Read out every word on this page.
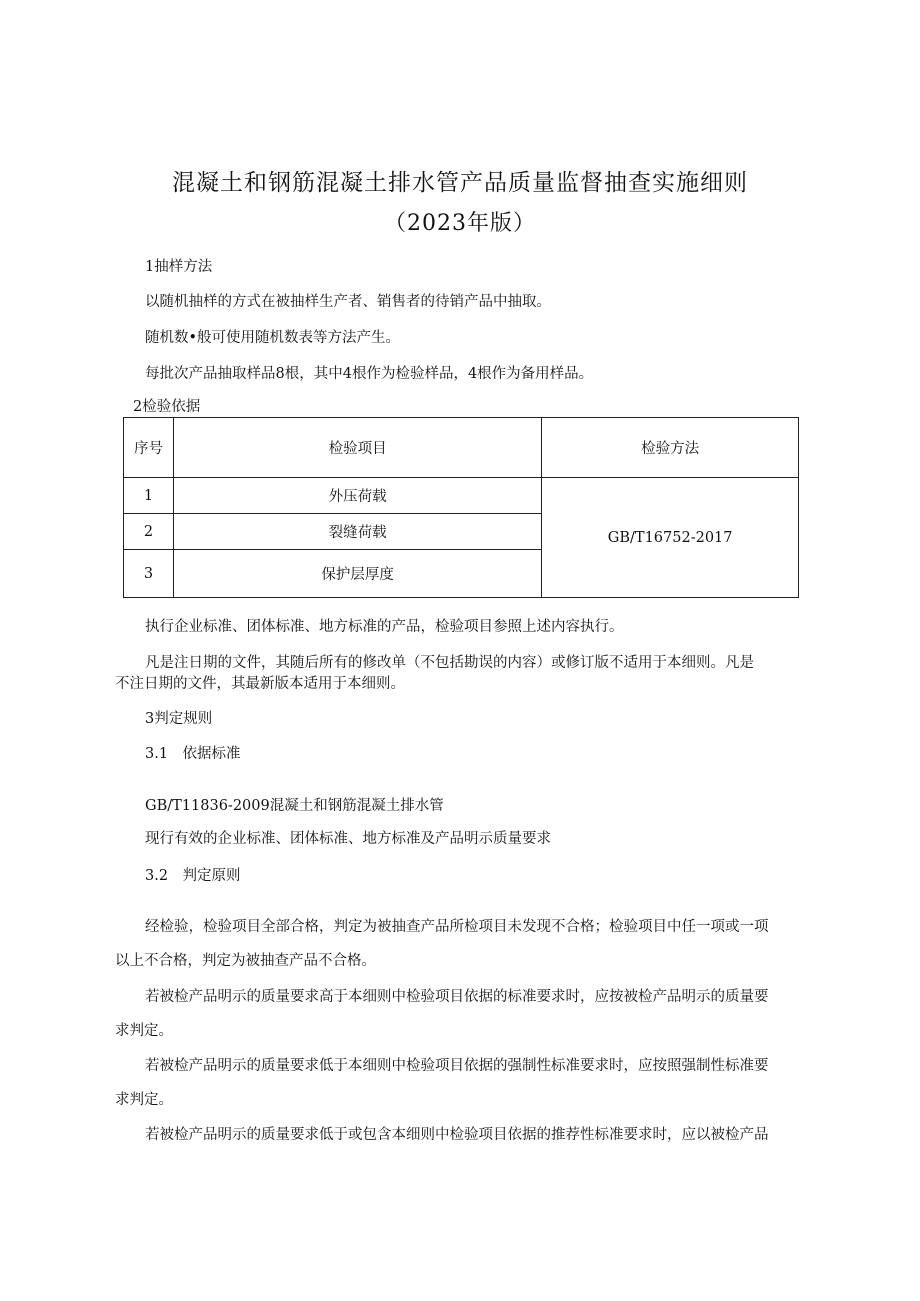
混凝土和钢筋混凝土排水管产品质量监督抽查实施细则
（2023年版）
1抽样方法
以随机抽样的方式在被抽样生产者、销售者的待销产品中抽取。
随机数•般可使用随机数表等方法产生。
每批次产品抽取样品8根，其中4根作为检验样品，4根作为备用样品。
2检验依据
序号	检验项目	检验方法
1	外压荷载	GB/T16752-2017
2	裂缝荷载	
3	保护层厚度	
执行企业标准、团体标准、地方标准的产品，检验项目参照上述内容执行。
凡是注日期的文件，其随后所有的修改单（不包括勘误的内容）或修订版不适用于本细则。凡是
不注日期的文件，其最新版本适用于本细则。
3判定规则
3.1　依据标准
GB/T11836-2009混凝土和钢筋混凝土排水管
现行有效的企业标准、团体标准、地方标准及产品明示质量要求
3.2　判定原则
经检验，检验项目全部合格，判定为被抽查产品所检项目未发现不合格；检验项目中任一项或一项
以上不合格，判定为被抽查产品不合格。
若被检产品明示的质量要求高于本细则中检验项目依据的标准要求时，应按被检产品明示的质量要
求判定。
若被检产品明示的质量要求低于本细则中检验项目依据的强制性标准要求时，应按照强制性标准要
求判定。
若被检产品明示的质量要求低于或包含本细则中检验项目依据的推荐性标准要求时，应以被检产品
